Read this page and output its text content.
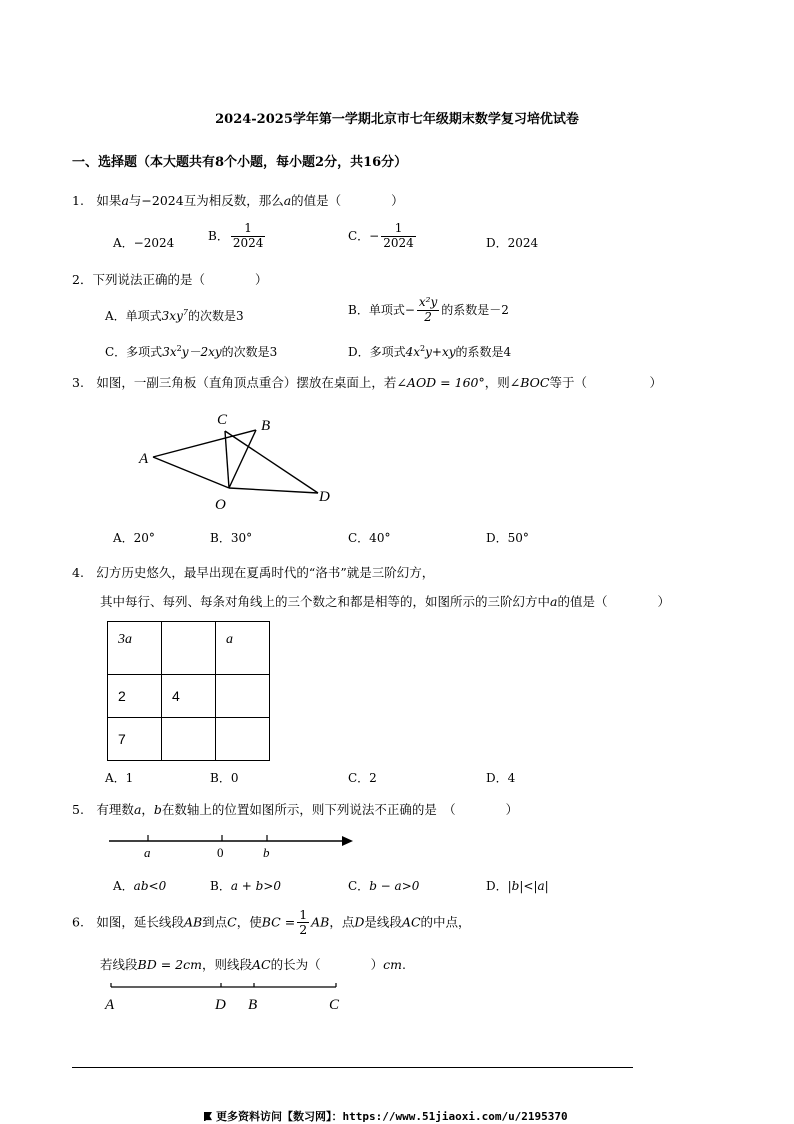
2024-2025学年第一学期北京市七年级期末数学复习培优试卷
一、选择题（本大题共有8个小题，每小题2分，共16分）
1.　如果a与−2024互为相反数，那么a的值是（　　　　）
A．−2024
B． $\frac{1}{2024}$	C．− $\frac{1}{2024}$	D．2024
2．下列说法正确的是（　　　　）
A．单项式$3xy^7$的次数是3	B．单项式− $\frac{\text{x²y}}{2}$ 的系数是－2
C．多项式$3x^2y-2xy$的次数是3	D．多项式$4x^2y+xy$的系数是4
3.　如图，一副三角板（直角顶点重合）摆放在桌面上，若∠AOD = 160°，则∠BOC等于（　　　　　）
A
C B
O	D
A．20°	B．30°	C．40°	D．50°
4.　幻方历史悠久，最早出现在夏禹时代的“洛书”就是三阶幻方，
其中每行、每列、每条对角线上的三个数之和都是相等的，如图所示的三阶幻方中a的值是（　　　　）
3a		a
2	4	
7		
A．1	B．0	C．2	D．4
5.　有理数a，b在数轴上的位置如图所示，则下列说法不正确的是　（　　　　）
a	0	b
A．ab<0	B．a + b>0	C．b − a>0	D．|b|<|a|
6.　如图，延长线段AB到点C，使BC = $\frac{1}{2}$ AB，点D是线段AC的中点，
若线段BD = 2cm，则线段AC的长为（　　　　）cm.
A	D B	C
更多资料访问【数习网】：https://www.51jiaoxi.com/u/2195370
